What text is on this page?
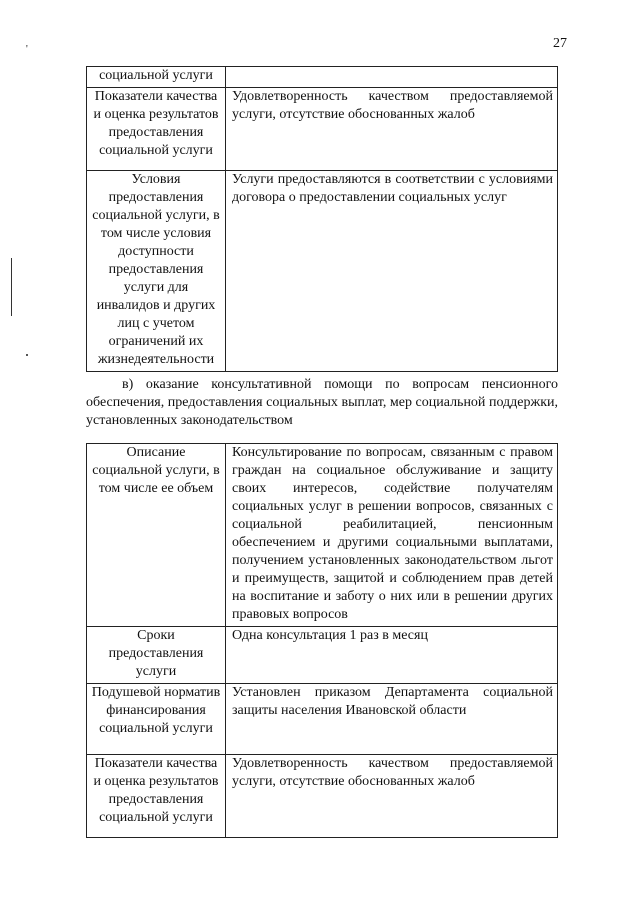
27
'
социальной услуги	
Показатели качества и оценка результатов предоставления социальной услуги	Удовлетворенность качеством предоставляемой услуги, отсутствие обоснованных жалоб
Условия предоставления социальной услуги, в том числе условия доступности предоставления услуги для инвалидов и других лиц с учетом ограничений их жизнедеятельности	Услуги предоставляются в соответствии с условиями договора о предоставлении социальных услуг
в) оказание консультативной помощи по вопросам пенсионного обеспечения, предоставления социальных выплат, мер социальной поддержки, установленных законодательством
Описание социальной услуги, в том числе ее объем	Консультирование по вопросам, связанным с правом граждан на социальное обслуживание и защиту своих интересов, содействие получателям социальных услуг в решении вопросов, связанных с социальной реабилитацией, пенсионным обеспечением и другими социальными выплатами, получением установленных законодательством льгот и преимуществ, защитой и соблюдением прав детей на воспитание и заботу о них или в решении других правовых вопросов
Сроки предоставления услуги	Одна консультация 1 раз в месяц
Подушевой норматив финансирования социальной услуги	Установлен приказом Департамента социальной защиты населения Ивановской области
Показатели качества и оценка результатов предоставления социальной услуги	Удовлетворенность качеством предоставляемой услуги, отсутствие обоснованных жалоб
